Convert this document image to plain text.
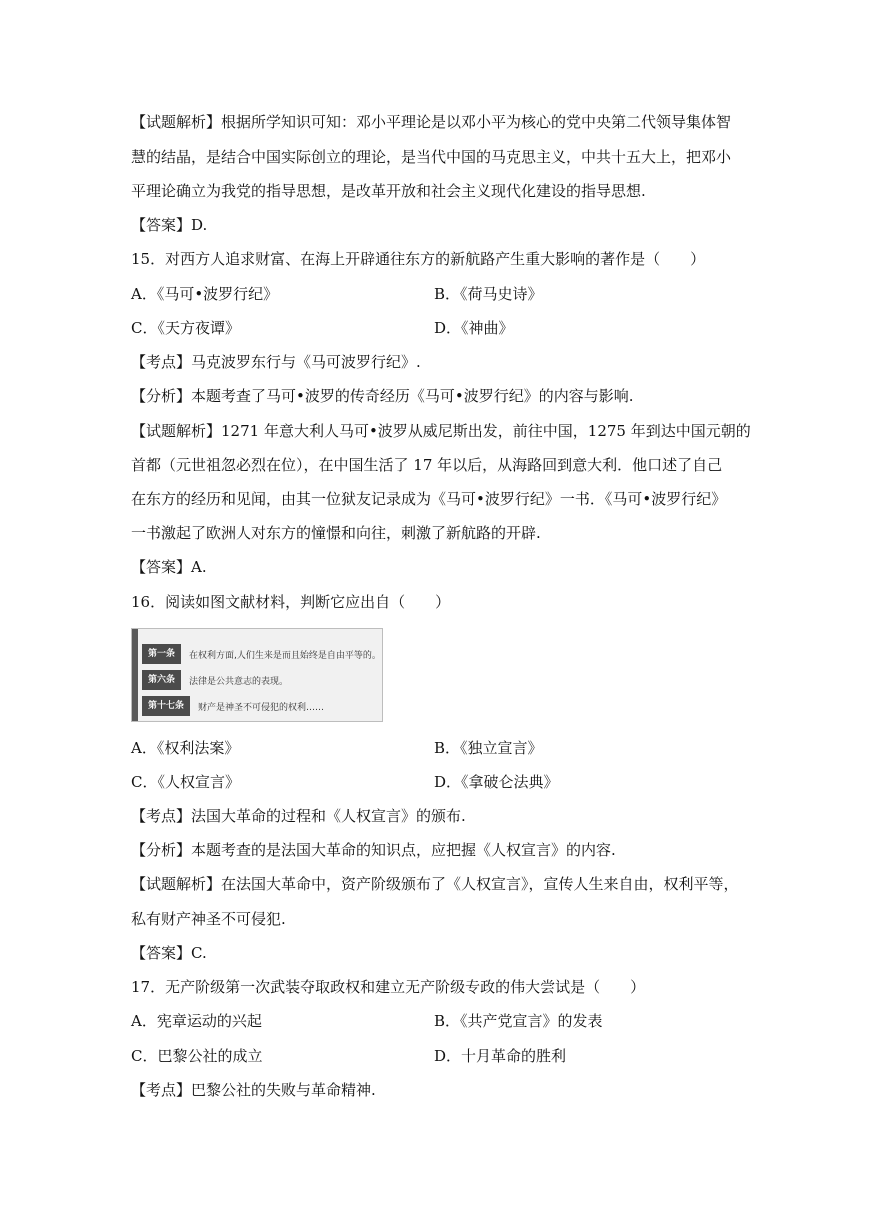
【试题解析】根据所学知识可知：邓小平理论是以邓小平为核心的党中央第二代领导集体智
慧的结晶，是结合中国实际创立的理论，是当代中国的马克思主义，中共十五大上，把邓小
平理论确立为我党的指导思想，是改革开放和社会主义现代化建设的指导思想.
【答案】D.
15．对西方人追求财富、在海上开辟通往东方的新航路产生重大影响的著作是（　　）
A．《马可•波罗行纪》	B．《荷马史诗》
C．《天方夜谭》	D．《神曲》
【考点】马克波罗东行与《马可波罗行纪》.
【分析】本题考查了马可•波罗的传奇经历《马可•波罗行纪》的内容与影响.
【试题解析】1271 年意大利人马可•波罗从威尼斯出发，前往中国，1275 年到达中国元朝的
首都（元世祖忽必烈在位），在中国生活了 17 年以后，从海路回到意大利．他口述了自己
在东方的经历和见闻，由其一位狱友记录成为《马可•波罗行纪》一书．《马可•波罗行纪》
一书激起了欧洲人对东方的憧憬和向往，刺激了新航路的开辟.
【答案】A.
16．阅读如图文献材料，判断它应出自（　　）
第一条	在权利方面,人们生来是而且始终是自由平等的。
第六条	法律是公共意志的表现。
第十七条	财产是神圣不可侵犯的权利……
A．《权利法案》	B．《独立宣言》
C．《人权宣言》	D．《拿破仑法典》
【考点】法国大革命的过程和《人权宣言》的颁布.
【分析】本题考查的是法国大革命的知识点，应把握《人权宣言》的内容.
【试题解析】在法国大革命中，资产阶级颁布了《人权宣言》，宣传人生来自由，权利平等，
私有财产神圣不可侵犯.
【答案】C.
17．无产阶级第一次武装夺取政权和建立无产阶级专政的伟大尝试是（　　）
A．宪章运动的兴起	B．《共产党宣言》的发表
C．巴黎公社的成立	D．十月革命的胜利
【考点】巴黎公社的失败与革命精神.
